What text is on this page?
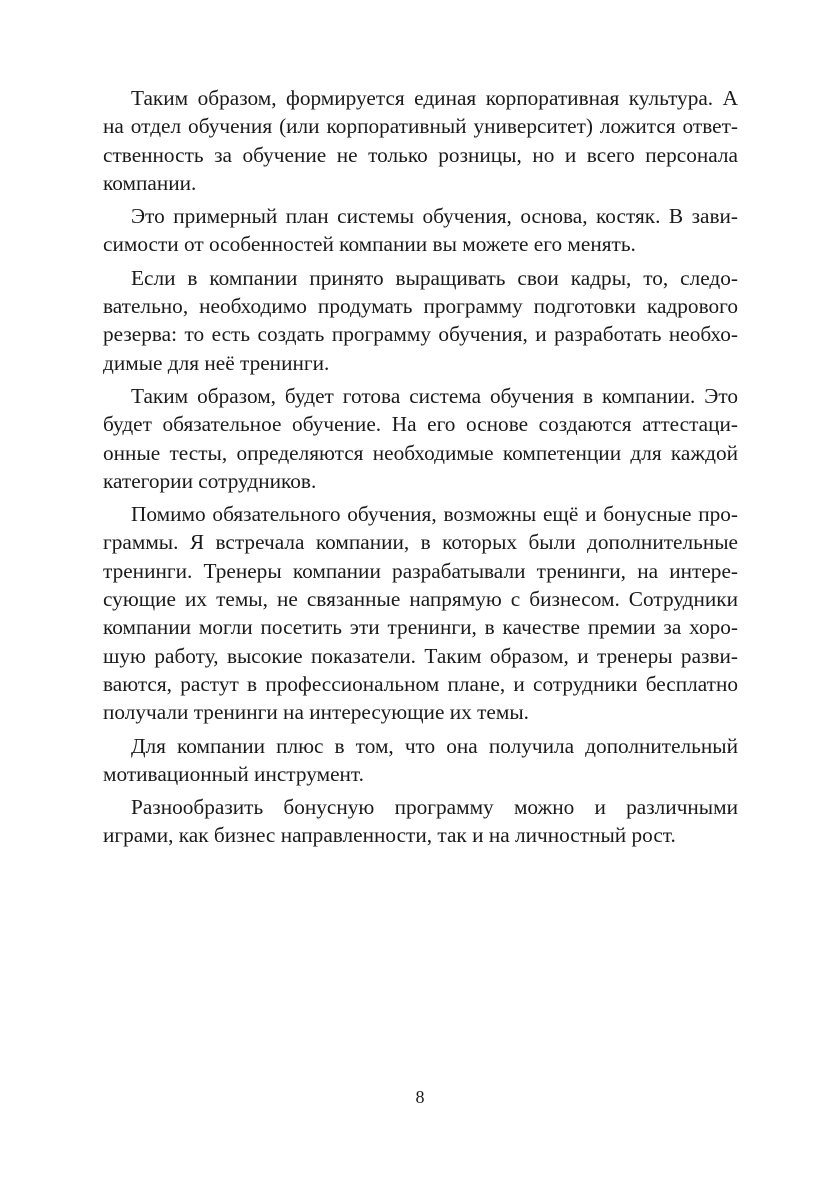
Таким образом, формируется единая корпоративная культура. А на отдел обучения (или корпоративный университет) ложится ответственность за обучение не только розницы, но и всего персонала компании.

Это примерный план системы обучения, основа, костяк. В зависимости от особенностей компании вы можете его менять.

Если в компании принято выращивать свои кадры, то, следовательно, необходимо продумать программу подготовки кадрового резерва: то есть создать программу обучения, и разработать необходимые для неё тренинги.

Таким образом, будет готова система обучения в компании. Это будет обязательное обучение. На его основе создаются аттестационные тесты, определяются необходимые компетенции для каждой категории сотрудников.

Помимо обязательного обучения, возможны ещё и бонусные программы. Я встречала компании, в которых были дополнительные тренинги. Тренеры компании разрабатывали тренинги, на интересующие их темы, не связанные напрямую с бизнесом. Сотрудники компании могли посетить эти тренинги, в качестве премии за хорошую работу, высокие показатели. Таким образом, и тренеры развиваются, растут в профессиональном плане, и сотрудники бесплатно получали тренинги на интересующие их темы.

Для компании плюс в том, что она получила дополнительный мотивационный инструмент.

Разнообразить бонусную программу можно и различными играми, как бизнес направленности, так и на личностный рост.

8
